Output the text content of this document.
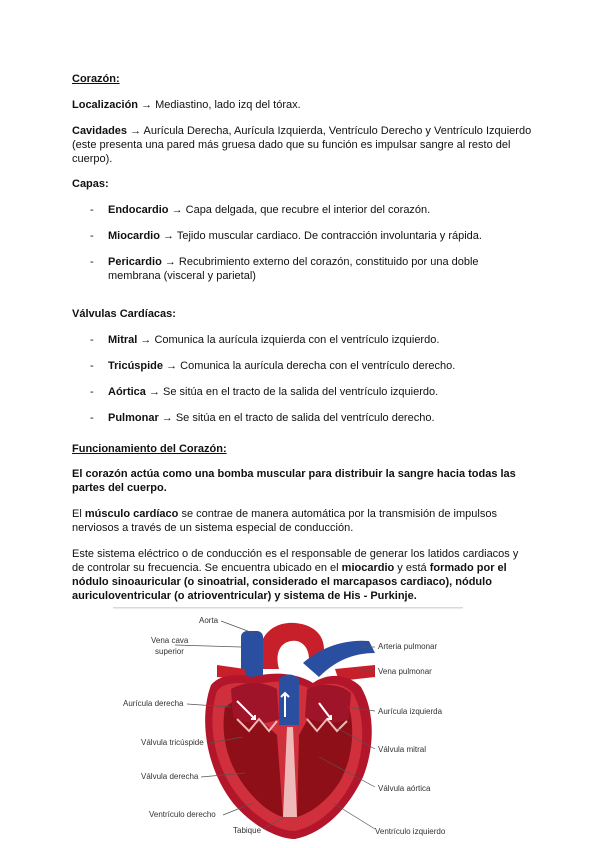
Corazón:

Localización → Mediastino, lado izq del tórax.

Cavidades → Aurícula Derecha, Aurícula Izquierda, Ventrículo Derecho y Ventrículo Izquierdo (este presenta una pared más gruesa dado que su función es impulsar sangre al resto del cuerpo).

Capas:

- Endocardio → Capa delgada, que recubre el interior del corazón.
- Miocardio → Tejido muscular cardiaco. De contracción involuntaria y rápida.
- Pericardio → Recubrimiento externo del corazón, constituido por una doble membrana (visceral y parietal)

Válvulas Cardíacas:

- Mitral → Comunica la aurícula izquierda con el ventrículo izquierdo.
- Tricúspide → Comunica la aurícula derecha con el ventrículo derecho.
- Aórtica → Se sitúa en el tracto de la salida del ventrículo izquierdo.
- Pulmonar → Se sitúa en el tracto de salida del ventrículo derecho.

Funcionamiento del Corazón:

El corazón actúa como una bomba muscular para distribuir la sangre hacia todas las partes del cuerpo.

El músculo cardíaco se contrae de manera automática por la transmisión de impulsos nerviosos a través de un sistema especial de conducción.

Este sistema eléctrico o de conducción es el responsable de generar los latidos cardiacos y de controlar su frecuencia. Se encuentra ubicado en el miocardio y está formado por el nódulo sinoauricular (o sinoatrial, considerado el marcapasos cardiaco), nódulo auriculoventricular (o atrioventricular) y sistema de His - Purkinje.

Aorta
Vena cava
superior
Arteria pulmonar
Vena pulmonar
Aurícula derecha
Aurícula izquierda
Válvula tricúspide
Válvula mitral
Válvula derecha
Válvula aórtica
Ventrículo derecho
Tabique	Ventrículo izquierdo
